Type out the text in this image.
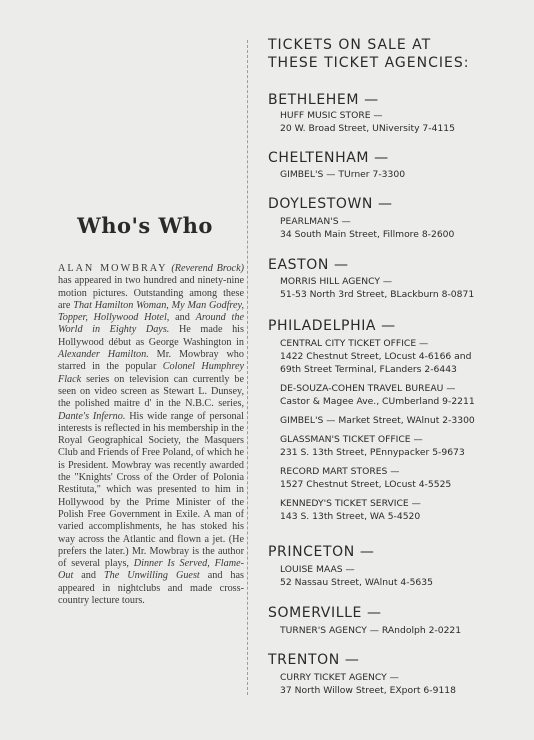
Who's Who
ALAN MOWBRAY (Reverend Brock) has appeared in two hundred and ninety-nine motion pictures. Outstanding among these are That Hamilton Woman, My Man Godfrey, Topper, Hollywood Hotel, and Around the World in Eighty Days. He made his Hollywood début as George Washington in Alexander Hamilton. Mr. Mowbray who starred in the popular Colonel Humphrey Flack series on television can currently be seen on video screen as Stewart L. Dunsey, the polished maitre d' in the N.B.C. series, Dante's Inferno. His wide range of personal interests is reflected in his membership in the Royal Geographical Society, the Masquers Club and Friends of Free Poland, of which he is President. Mowbray was recently awarded the "Knights' Cross of the Order of Polonia Restituta," which was presented to him in Hollywood by the Prime Minister of the Polish Free Government in Exile. A man of varied accomplishments, he has stoked his way across the Atlantic and flown a jet. (He prefers the later.) Mr. Mowbray is the author of several plays, Dinner Is Served, Flame-Out and The Unwilling Guest and has appeared in nightclubs and made cross-country lecture tours.
TICKETS ON SALE AT
THESE TICKET AGENCIES:
BETHLEHEM —
HUFF MUSIC STORE —
20 W. Broad Street, UNiversity 7-4115
CHELTENHAM —
GIMBEL'S — TUrner 7-3300
DOYLESTOWN —
PEARLMAN'S —
34 South Main Street, Fillmore 8-2600
EASTON —
MORRIS HILL AGENCY —
51-53 North 3rd Street, BLackburn 8-0871
PHILADELPHIA —
CENTRAL CITY TICKET OFFICE —
1422 Chestnut Street, LOcust 4-6166 and
69th Street Terminal, FLanders 2-6443
DE-SOUZA-COHEN TRAVEL BUREAU —
Castor & Magee Ave., CUmberland 9-2211
GIMBEL'S — Market Street, WAlnut 2-3300
GLASSMAN'S TICKET OFFICE —
231 S. 13th Street, PEnnypacker 5-9673
RECORD MART STORES —
1527 Chestnut Street, LOcust 4-5525
KENNEDY'S TICKET SERVICE —
143 S. 13th Street, WA 5-4520
PRINCETON —
LOUISE MAAS —
52 Nassau Street, WAlnut 4-5635
SOMERVILLE —
TURNER'S AGENCY — RAndolph 2-0221
TRENTON —
CURRY TICKET AGENCY —
37 North Willow Street, EXport 6-9118
